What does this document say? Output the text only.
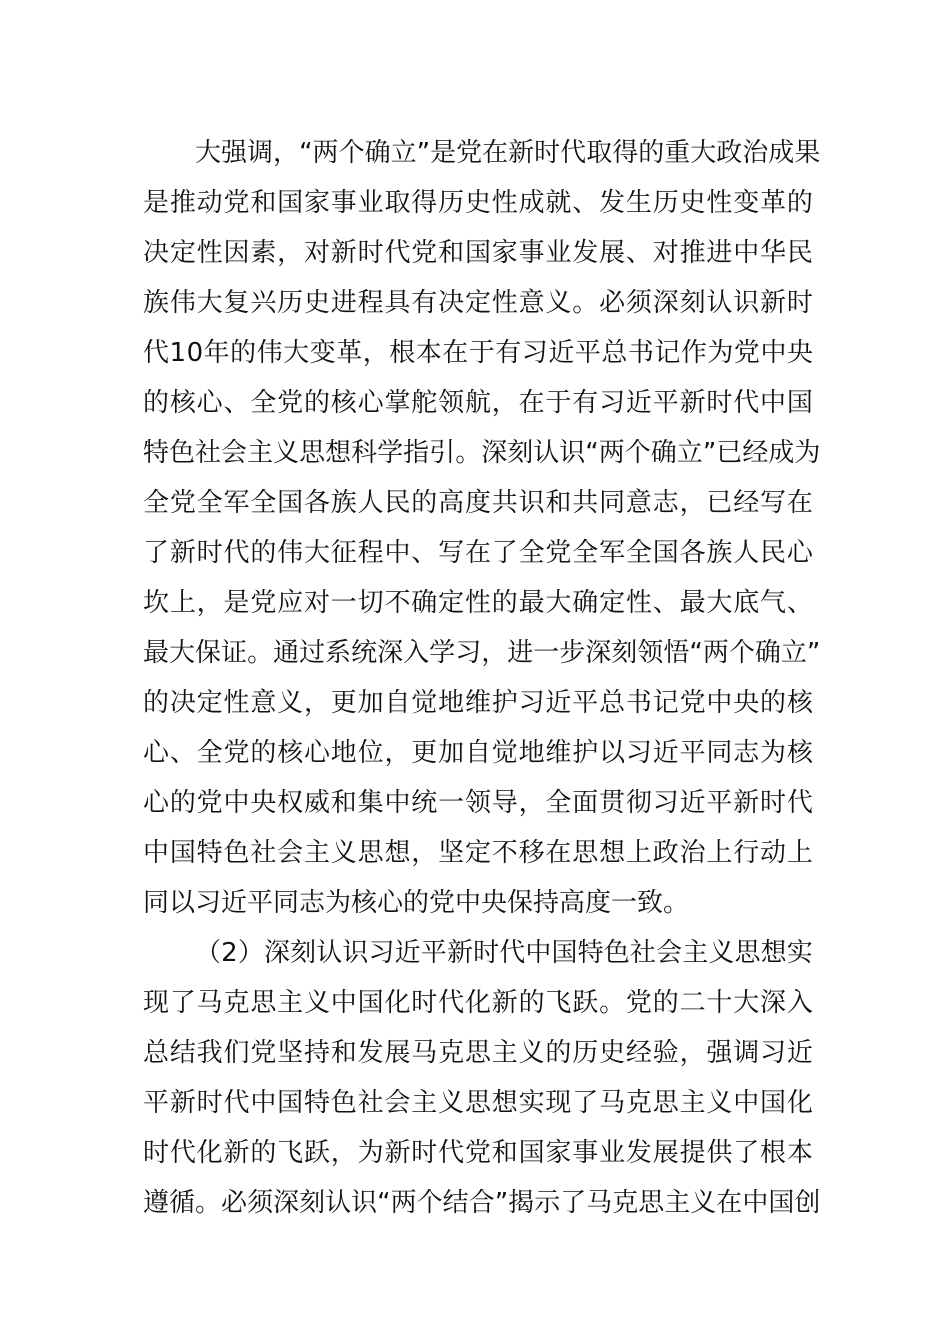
大 强 调 ， “ 两 个 确 立 ” 是 党 在 新 时 代 取 得 的 重 大 政 治 成 果
是 推 动 党 和 国 家 事 业 取 得 历 史 性 成 就 、 发 生 历 史 性 变 革 的
决 定 性 因 素 ， 对 新 时 代 党 和 国 家 事 业 发 展 、 对 推 进 中 华 民
族 伟 大 复 兴 历 史 进 程 具 有 决 定 性 意 义 。 必 须 深 刻 认 识 新 时
代 1 0 年 的 伟 大 变 革 ， 根 本 在 于 有 习 近 平 总 书 记 作 为 党 中 央
的 核 心 、 全 党 的 核 心 掌 舵 领 航 ， 在 于 有 习 近 平 新 时 代 中 国
特 色 社 会 主 义 思 想 科 学 指 引 。 深 刻 认 识 “ 两 个 确 立 ” 已 经 成 为
全 党 全 军 全 国 各 族 人 民 的 高 度 共 识 和 共 同 意 志 ， 已 经 写 在
了 新 时 代 的 伟 大 征 程 中 、 写 在 了 全 党 全 军 全 国 各 族 人 民 心
坎 上 ， 是 党 应 对 一 切 不 确 定 性 的 最 大 确 定 性 、 最 大 底 气 、
最 大 保 证 。 通 过 系 统 深 入 学 习 ， 进 一 步 深 刻 领 悟 “ 两 个 确 立 ”
的 决 定 性 意 义 ， 更 加 自 觉 地 维 护 习 近 平 总 书 记 党 中 央 的 核
心 、 全 党 的 核 心 地 位 ， 更 加 自 觉 地 维 护 以 习 近 平 同 志 为 核
心 的 党 中 央 权 威 和 集 中 统 一 领 导 ， 全 面 贯 彻 习 近 平 新 时 代
中 国 特 色 社 会 主 义 思 想 ， 坚 定 不 移 在 思 想 上 政 治 上 行 动 上
同以习近平同志为核心的党中央保持高度一致。
（ 2 ） 深 刻 认 识 习 近 平 新 时 代 中 国 特 色 社 会 主 义 思 想 实
现 了 马 克 思 主 义 中 国 化 时 代 化 新 的 飞 跃 。 党 的 二 十 大 深 入
总 结 我 们 党 坚 持 和 发 展 马 克 思 主 义 的 历 史 经 验 ， 强 调 习 近
平 新 时 代 中 国 特 色 社 会 主 义 思 想 实 现 了 马 克 思 主 义 中 国 化
时 代 化 新 的 飞 跃 ， 为 新 时 代 党 和 国 家 事 业 发 展 提 供 了 根 本
遵 循 。 必 须 深 刻 认 识 “ 两 个 结 合 ” 揭 示 了 马 克 思 主 义 在 中 国 创
